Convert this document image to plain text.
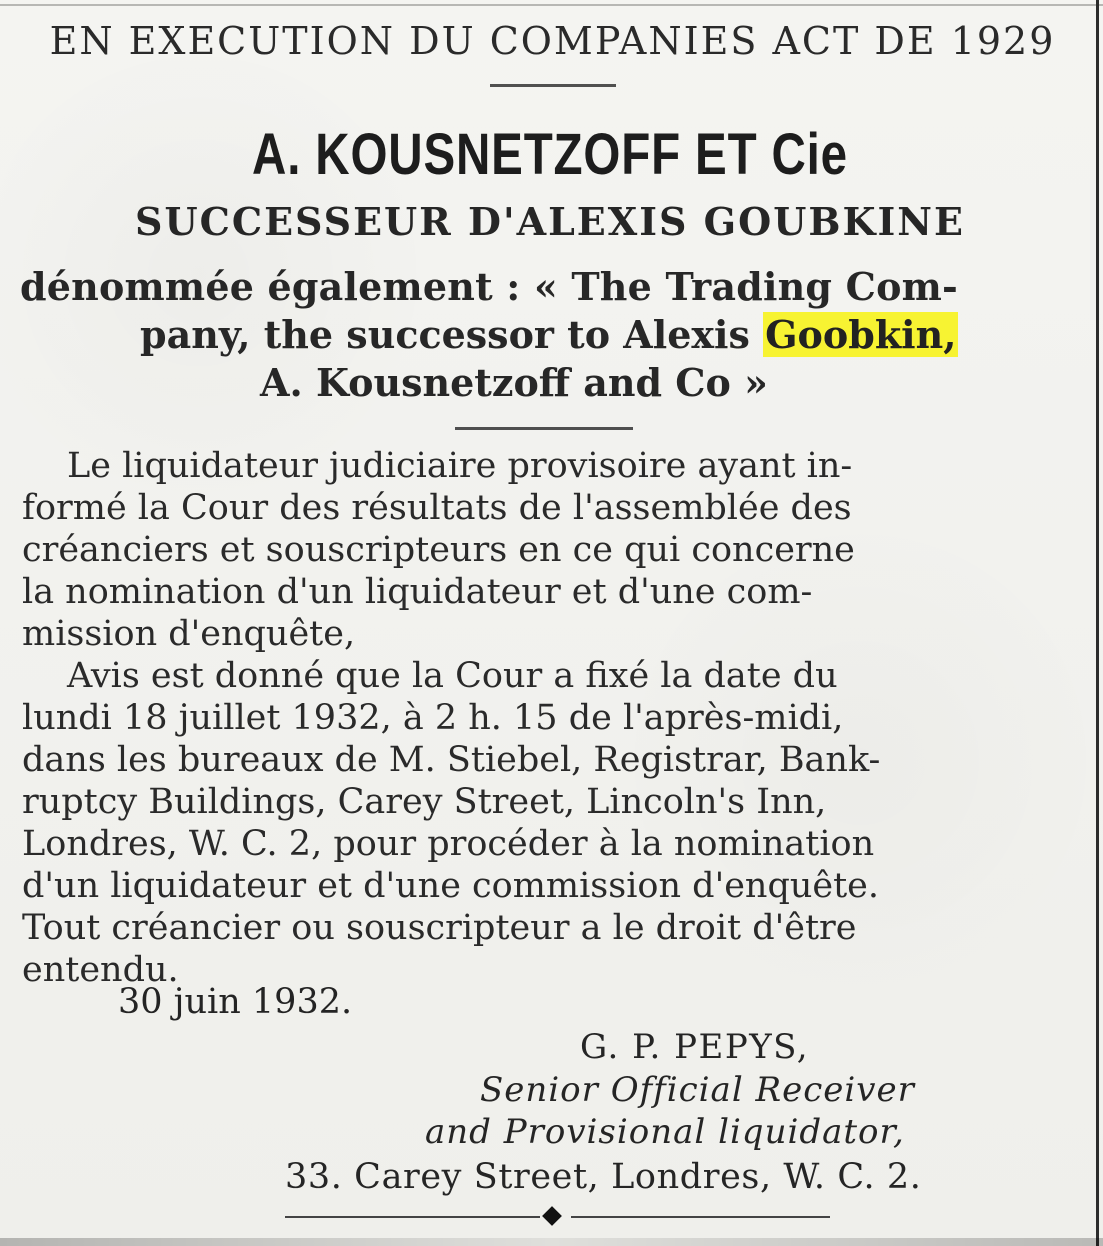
EN EXECUTION DU COMPANIES ACT DE 1929
A. KOUSNETZOFF ET Cie
SUCCESSEUR D'ALEXIS GOUBKINE

dénommée également : « The Trading Com-

pany, the successor to Alexis Goobkin,

A. Kousnetzoff and Co »

Le liquidateur judiciaire provisoire ayant in-

formé la Cour des résultats de l'assemblée des

créanciers et souscripteurs en ce qui concerne

la nomination d'un liquidateur et d'une com-

mission d'enquête,

Avis est donné que la Cour a fixé la date du

lundi 18 juillet 1932, à 2 h. 15 de l'après-midi,

dans les bureaux de M. Stiebel, Registrar, Bank-

ruptcy Buildings, Carey Street, Lincoln's Inn,

Londres, W. C. 2, pour procéder à la nomination

d'un liquidateur et d'une commission d'enquête.

Tout créancier ou souscripteur a le droit d'être

entendu.

30 juin 1932.

G. P. PEPYS,

Senior Official Receiver

and Provisional liquidator,

33. Carey Street, Londres, W. C. 2.
